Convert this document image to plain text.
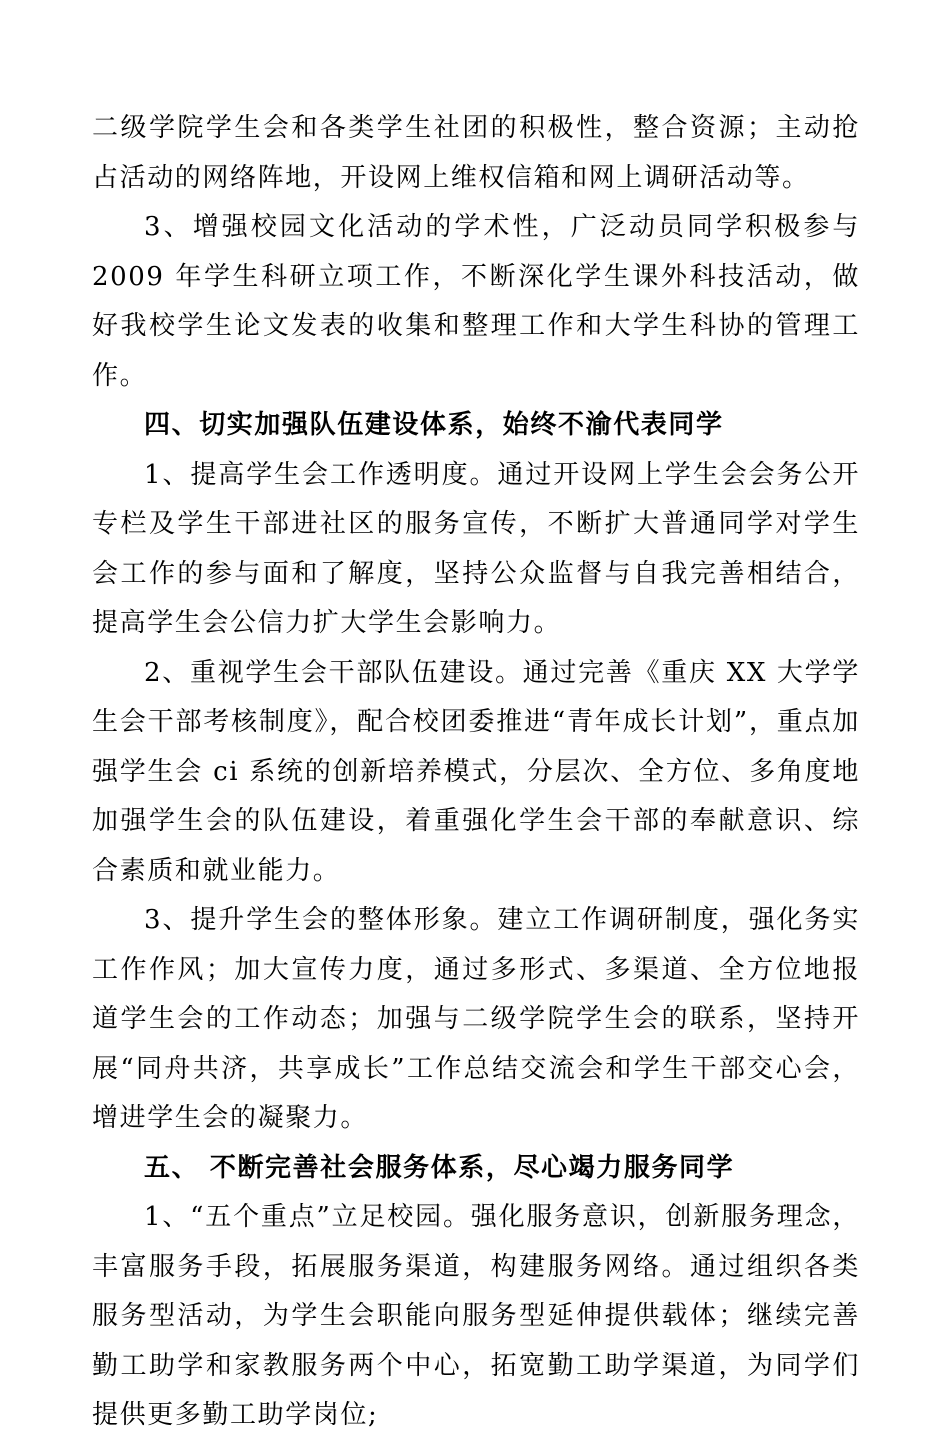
二级学院学生会和各类学生社团的积极性，整合资源；主动抢占活动的网络阵地，开设网上维权信箱和网上调研活动等。

3、增强校园文化活动的学术性，广泛动员同学积极参与 2009 年学生科研立项工作，不断深化学生课外科技活动，做好我校学生论文发表的收集和整理工作和大学生科协的管理工作。

四、切实加强队伍建设体系，始终不渝代表同学

1、提高学生会工作透明度。通过开设网上学生会会务公开专栏及学生干部进社区的服务宣传，不断扩大普通同学对学生会工作的参与面和了解度，坚持公众监督与自我完善相结合，提高学生会公信力扩大学生会影响力。

2、重视学生会干部队伍建设。通过完善《重庆 XX 大学学生会干部考核制度》，配合校团委推进“青年成长计划”，重点加强学生会 ci 系统的创新培养模式，分层次、全方位、多角度地加强学生会的队伍建设，着重强化学生会干部的奉献意识、综合素质和就业能力。

3、提升学生会的整体形象。建立工作调研制度，强化务实工作作风；加大宣传力度，通过多形式、多渠道、全方位地报道学生会的工作动态；加强与二级学院学生会的联系，坚持开展“同舟共济，共享成长”工作总结交流会和学生干部交心会，增进学生会的凝聚力。

五、 不断完善社会服务体系，尽心竭力服务同学

1、“五个重点”立足校园。强化服务意识，创新服务理念，丰富服务手段，拓展服务渠道，构建服务网络。通过组织各类服务型活动，为学生会职能向服务型延伸提供载体；继续完善勤工助学和家教服务两个中心，拓宽勤工助学渠道，为同学们提供更多勤工助学岗位;
